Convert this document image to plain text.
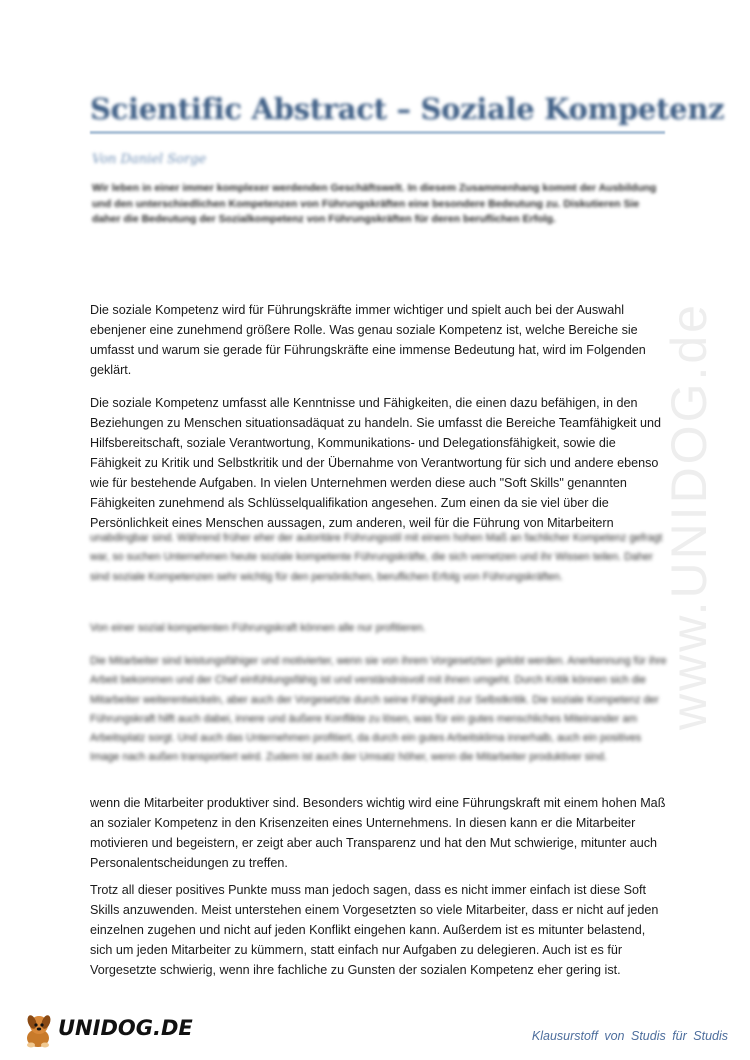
www.UNIDOG.de
Scientific Abstract – Soziale Kompetenz
Von Daniel Sorge
Wir leben in einer immer komplexer werdenden Geschäftswelt. In diesem Zusammenhang kommt der Ausbildung und den unterschiedlichen Kompetenzen von Führungskräften eine besondere Bedeutung zu. Diskutieren Sie daher die Bedeutung der Sozialkompetenz von Führungskräften für deren beruflichen Erfolg.
Die soziale Kompetenz wird für Führungskräfte immer wichtiger und spielt auch bei der Auswahl ebenjener eine zunehmend größere Rolle. Was genau soziale Kompetenz ist, welche Bereiche sie umfasst und warum sie gerade für Führungskräfte eine immense Bedeutung hat, wird im Folgenden geklärt.
Die soziale Kompetenz umfasst alle Kenntnisse und Fähigkeiten, die einen dazu befähigen, in den Beziehungen zu Menschen situationsadäquat zu handeln. Sie umfasst die Bereiche Teamfähigkeit und Hilfsbereitschaft, soziale Verantwortung, Kommunikations- und Delegationsfähigkeit, sowie die Fähigkeit zu Kritik und Selbstkritik und der Übernahme von Verantwortung für sich und andere ebenso wie für bestehende Aufgaben. In vielen Unternehmen werden diese auch "Soft Skills" genannten Fähigkeiten zunehmend als Schlüsselqualifikation angesehen. Zum einen da sie viel über die Persönlichkeit eines Menschen aussagen, zum anderen, weil für die Führung von Mitarbeitern
unabdingbar sind. Während früher eher der autoritäre Führungsstil mit einem hohen Maß an fachlicher Kompetenz gefragt war, so suchen Unternehmen heute soziale kompetente Führungskräfte, die sich vernetzen und ihr Wissen teilen. Daher sind soziale Kompetenzen sehr wichtig für den persönlichen, beruflichen Erfolg von Führungskräften.
Von einer sozial kompetenten Führungskraft können alle nur profitieren.
Die Mitarbeiter sind leistungsfähiger und motivierter, wenn sie von ihrem Vorgesetzten gelobt werden. Anerkennung für ihre Arbeit bekommen und der Chef einfühlungsfähig ist und verständnisvoll mit ihnen umgeht. Durch Kritik können sich die Mitarbeiter weiterentwickeln, aber auch der Vorgesetzte durch seine Fähigkeit zur Selbstkritik. Die soziale Kompetenz der Führungskraft hilft auch dabei, innere und äußere Konflikte zu lösen, was für ein gutes menschliches Miteinander am Arbeitsplatz sorgt. Und auch das Unternehmen profitiert, da durch ein gutes Arbeitsklima innerhalb, auch ein positives Image nach außen transportiert wird. Zudem ist auch der Umsatz höher, wenn die Mitarbeiter produktiver sind.
wenn die Mitarbeiter produktiver sind. Besonders wichtig wird eine Führungskraft mit einem hohen Maß an sozialer Kompetenz in den Krisenzeiten eines Unternehmens. In diesen kann er die Mitarbeiter motivieren und begeistern, er zeigt aber auch Transparenz und hat den Mut schwierige, mitunter auch Personalentscheidungen zu treffen.
Trotz all dieser positives Punkte muss man jedoch sagen, dass es nicht immer einfach ist diese Soft Skills anzuwenden. Meist unterstehen einem Vorgesetzten so viele Mitarbeiter, dass er nicht auf jeden einzelnen zugehen und nicht auf jeden Konflikt eingehen kann. Außerdem ist es mitunter belastend, sich um jeden Mitarbeiter zu kümmern, statt einfach nur Aufgaben zu delegieren. Auch ist es für Vorgesetzte schwierig, wenn ihre fachliche zu Gunsten der sozialen Kompetenz eher gering ist.
UNIDOG.DE	Klausurstoff von Studis für Studis
